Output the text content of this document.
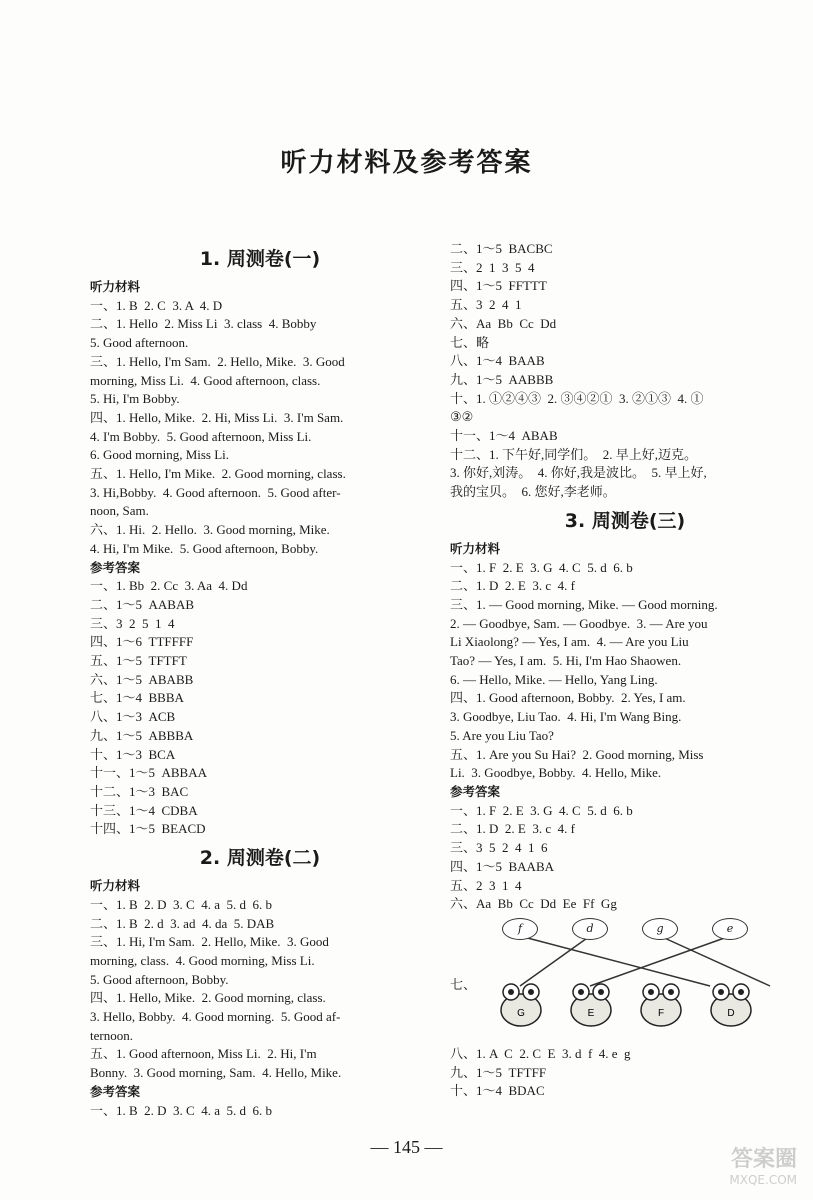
听力材料及参考答案
1. 周测卷(一)
听力材料
一、1. B  2. C  3. A  4. D
二、1. Hello  2. Miss Li  3. class  4. Bobby
5. Good afternoon.
三、1. Hello, I'm Sam.  2. Hello, Mike.  3. Good
morning, Miss Li.  4. Good afternoon, class.
5. Hi, I'm Bobby.
四、1. Hello, Mike.  2. Hi, Miss Li.  3. I'm Sam.
4. I'm Bobby.  5. Good afternoon, Miss Li.
6. Good morning, Miss Li.
五、1. Hello, I'm Mike.  2. Good morning, class.
3. Hi,Bobby.  4. Good afternoon.  5. Good after-
noon, Sam.
六、1. Hi.  2. Hello.  3. Good morning, Mike.
4. Hi, I'm Mike.  5. Good afternoon, Bobby.
参考答案
一、1. Bb  2. Cc  3. Aa  4. Dd
二、1～5  AABAB
三、3  2  5  1  4
四、1～6  TTFFFF
五、1～5  TFTFT
六、1～5  ABABB
七、1～4  BBBA
八、1～3  ACB
九、1～5  ABBBA
十、1～3  BCA
十一、1～5  ABBAA
十二、1～3  BAC
十三、1～4  CDBA
十四、1～5  BEACD
2. 周测卷(二)
听力材料
一、1. B  2. D  3. C  4. a  5. d  6. b
二、1. B  2. d  3. ad  4. da  5. DAB
三、1. Hi, I'm Sam.  2. Hello, Mike.  3. Good
morning, class.  4. Good morning, Miss Li.
5. Good afternoon, Bobby.
四、1. Hello, Mike.  2. Good morning, class.
3. Hello, Bobby.  4. Good morning.  5. Good af-
ternoon.
五、1. Good afternoon, Miss Li.  2. Hi, I'm
Bonny.  3. Good morning, Sam.  4. Hello, Mike.
参考答案
一、1. B  2. D  3. C  4. a  5. d  6. b
二、1～5  BACBC
三、2  1  3  5  4
四、1～5  FFTTT
五、3  2  4  1
六、Aa  Bb  Cc  Dd
七、略
八、1～4  BAAB
九、1～5  AABBB
十、1. ①②④③  2. ③④②①  3. ②①③  4. ①
③②
十一、1～4  ABAB
十二、1. 下午好,同学们。  2. 早上好,迈克。
3. 你好,刘涛。  4. 你好,我是波比。  5. 早上好,
我的宝贝。  6. 您好,李老师。
3. 周测卷(三)
听力材料
一、1. F  2. E  3. G  4. C  5. d  6. b
二、1. D  2. E  3. c  4. f
三、1. — Good morning, Mike. — Good morning.
2. — Goodbye, Sam. — Goodbye.  3. — Are you
Li Xiaolong? — Yes, I am.  4. — Are you Liu
Tao? — Yes, I am.  5. Hi, I'm Hao Shaowen.
6. — Hello, Mike. — Hello, Yang Ling.
四、1. Good afternoon, Bobby.  2. Yes, I am.
3. Goodbye, Liu Tao.  4. Hi, I'm Wang Bing.
5. Are you Liu Tao?
五、1. Are you Su Hai?  2. Good morning, Miss
Li.  3. Goodbye, Bobby.  4. Hello, Mike.
参考答案
一、1. F  2. E  3. G  4. C  5. d  6. b
二、1. D  2. E  3. c  4. f
三、3  5  2  4  1  6
四、1～5  BAABA
五、2  3  1  4
六、Aa  Bb  Cc  Dd  Ee  Ff  Gg
七、
f	d	g	e
G	E	F	D
八、1. A  C  2. C  E  3. d  f  4. e  g
九、1～5  TFTFF
十、1～4  BDAC
— 145 —	答案圈
MXQE.COM
